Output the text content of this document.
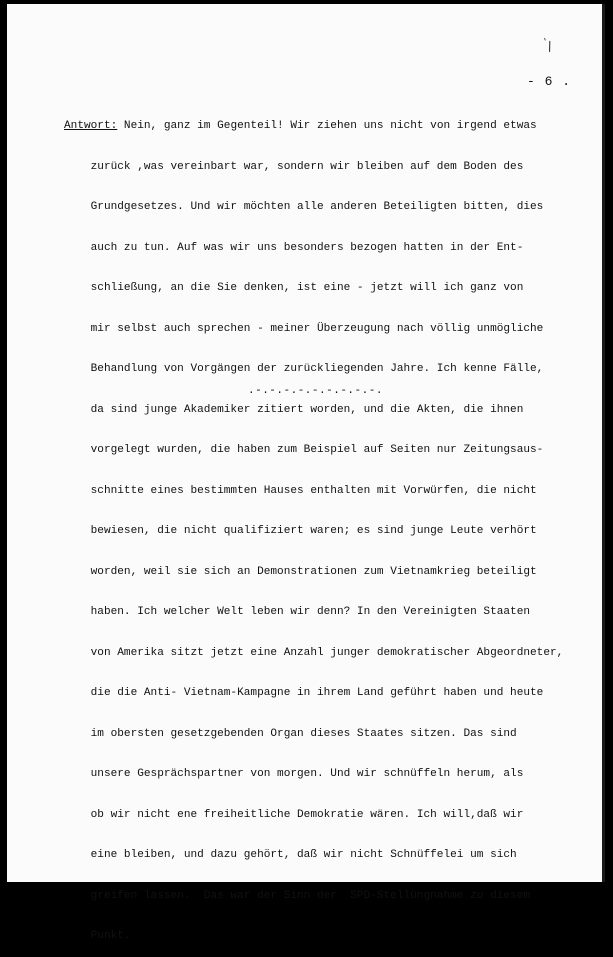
`\
- 6 .

Antwort: Nein, ganz im Gegenteil! Wir ziehen uns nicht von irgend etwas

zurück ,was vereinbart war, sondern wir bleiben auf dem Boden des

Grundgesetzes. Und wir möchten alle anderen Beteiligten bitten, dies

auch zu tun. Auf was wir uns besonders bezogen hatten in der Ent-

schließung, an die Sie denken, ist eine - jetzt will ich ganz von

mir selbst auch sprechen - meiner Überzeugung nach völlig unmögliche

Behandlung von Vorgängen der zurückliegenden Jahre. Ich kenne Fälle,

da sind junge Akademiker zitiert worden, und die Akten, die ihnen

vorgelegt wurden, die haben zum Beispiel auf Seiten nur Zeitungsaus-

schnitte eines bestimmten Hauses enthalten mit Vorwürfen, die nicht

bewiesen, die nicht qualifiziert waren; es sind junge Leute verhört

worden, weil sie sich an Demonstrationen zum Vietnamkrieg beteiligt

haben. Ich welcher Welt leben wir denn? In den Vereinigten Staaten

von Amerika sitzt jetzt eine Anzahl junger demokratischer Abgeordneter,

die die Anti- Vietnam-Kampagne in ihrem Land geführt haben und heute

im obersten gesetzgebenden Organ dieses Staates sitzen. Das sind

unsere Gesprächspartner von morgen. Und wir schnüffeln herum, als

ob wir nicht ene freiheitliche Demokratie wären. Ich will,daß wir

eine bleiben, und dazu gehört, daß wir nicht Schnüffelei um sich

greifen lassen.  Das war der Sinn der  SPD-Stellüngnahme zu diesem

Punkt.

.-.-.-.-.-.-.-.-.-.
